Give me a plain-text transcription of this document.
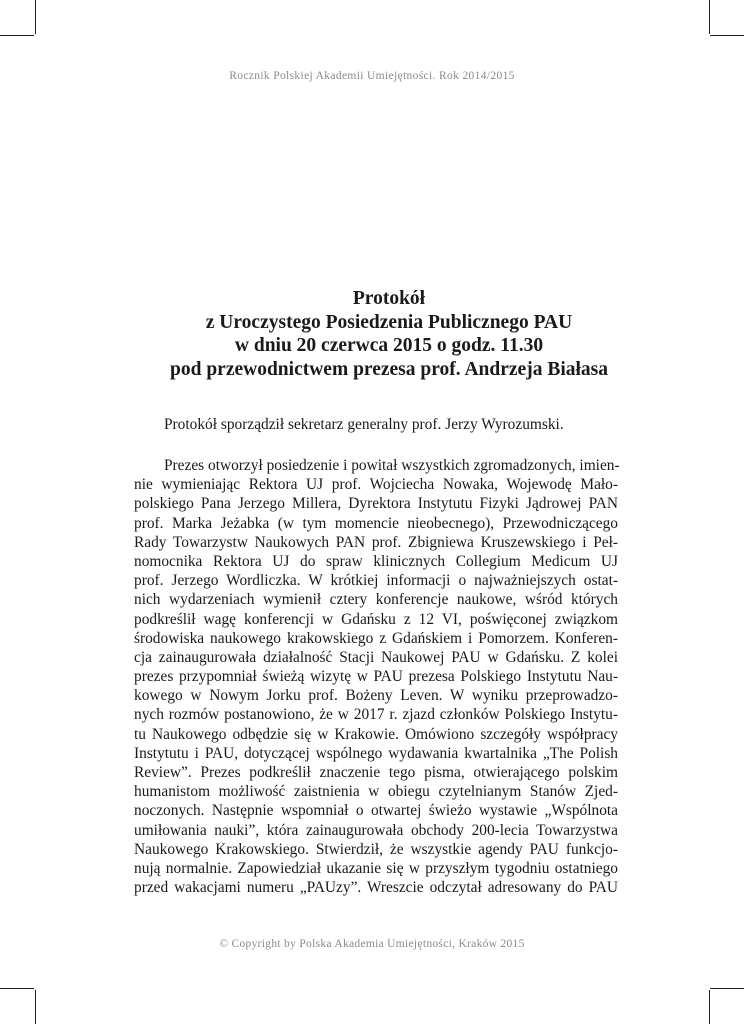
Rocznik Polskiej Akademii Umiejętności. Rok 2014/2015
Protokół
z Uroczystego Posiedzenia Publicznego PAU
w dniu 20 czerwca 2015 o godz. 11.30
pod przewodnictwem prezesa prof. Andrzeja Białasa
Protokół sporządził sekretarz generalny prof. Jerzy Wyrozumski.
Prezes otworzył posiedzenie i powitał wszystkich zgromadzonych, imien-
nie wymieniając Rektora UJ prof. Wojciecha Nowaka, Wojewodę Mało-
polskiego Pana Jerzego Millera, Dyrektora Instytutu Fizyki Jądrowej PAN
prof. Marka Jeżabka (w tym momencie nieobecnego), Przewodniczącego
Rady Towarzystw Naukowych PAN prof. Zbigniewa Kruszewskiego i Peł-
nomocnika Rektora UJ do spraw klinicznych Collegium Medicum UJ
prof. Jerzego Wordliczka. W krótkiej informacji o najważniejszych ostat-
nich wydarzeniach wymienił cztery konferencje naukowe, wśród których
podkreślił wagę konferencji w Gdańsku z 12 VI, poświęconej związkom
środowiska naukowego krakowskiego z Gdańskiem i Pomorzem. Konferen-
cja zainaugurowała działalność Stacji Naukowej PAU w Gdańsku. Z kolei
prezes przypomniał świeżą wizytę w PAU prezesa Polskiego Instytutu Nau-
kowego w Nowym Jorku prof. Bożeny Leven. W wyniku przeprowadzo-
nych rozmów postanowiono, że w 2017 r. zjazd członków Polskiego Instytu-
tu Naukowego odbędzie się w Krakowie. Omówiono szczegóły współpracy
Instytutu i PAU, dotyczącej wspólnego wydawania kwartalnika „The Polish
Review”. Prezes podkreślił znaczenie tego pisma, otwierającego polskim
humanistom możliwość zaistnienia w obiegu czytelnianym Stanów Zjed-
noczonych. Następnie wspomniał o otwartej świeżo wystawie „Wspólnota
umiłowania nauki”, która zainaugurowała obchody 200-lecia Towarzystwa
Naukowego Krakowskiego. Stwierdził, że wszystkie agendy PAU funkcjo-
nują normalnie. Zapowiedział ukazanie się w przyszłym tygodniu ostatniego
przed wakacjami numeru „PAUzy”. Wreszcie odczytał adresowany do PAU
© Copyright by Polska Akademia Umiejętności, Kraków 2015
